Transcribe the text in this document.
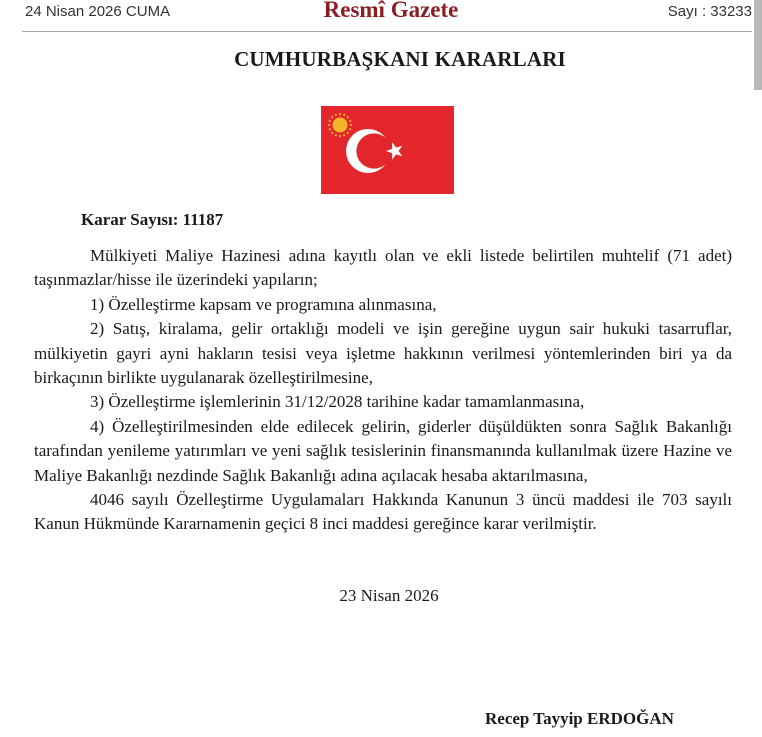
24 Nisan 2026 CUMA	Resmî Gazete	Sayı : 33233
CUMHURBAŞKANI KARARLARI
Karar Sayısı: 11187

Mülkiyeti Maliye Hazinesi adına kayıtlı olan ve ekli listede belirtilen muhtelif (71 adet) taşınmazlar/hisse ile üzerindeki yapıların;

1) Özelleştirme kapsam ve programına alınmasına,

2) Satış, kiralama, gelir ortaklığı modeli ve işin gereğine uygun sair hukuki tasarruflar, mülkiyetin gayri ayni hakların tesisi veya işletme hakkının verilmesi yöntemlerinden biri ya da birkaçının birlikte uygulanarak özelleştirilmesine,

3) Özelleştirme işlemlerinin 31/12/2028 tarihine kadar tamamlanmasına,

4) Özelleştirilmesinden elde edilecek gelirin, giderler düşüldükten sonra Sağlık Bakanlığı tarafından yenileme yatırımları ve yeni sağlık tesislerinin finansmanında kullanılmak üzere Hazine ve Maliye Bakanlığı nezdinde Sağlık Bakanlığı adına açılacak hesaba aktarılmasına,

4046 sayılı Özelleştirme Uygulamaları Hakkında Kanunun 3 üncü maddesi ile 703 sayılı Kanun Hükmünde Kararnamenin geçici 8 inci maddesi gereğince karar verilmiştir.

23 Nisan 2026
Recep Tayyip ERDOĞAN
